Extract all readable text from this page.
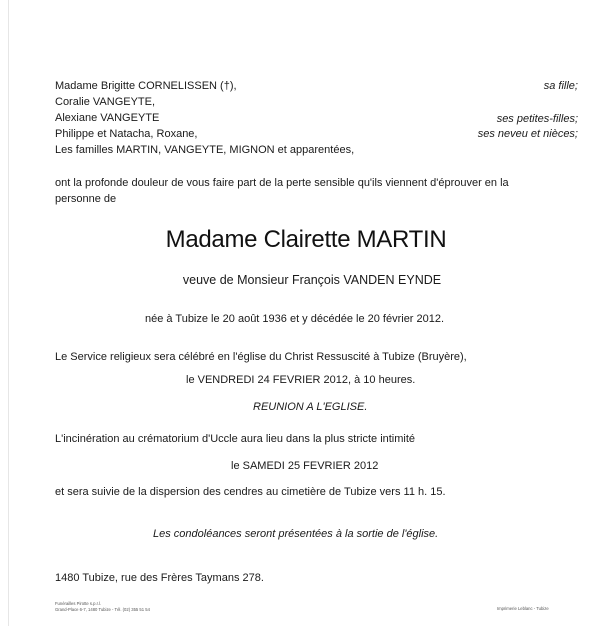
Madame Brigitte CORNELISSEN (†),	sa fille;
Coralie VANGEYTE,
Alexiane VANGEYTE	ses petites-filles;
Philippe et Natacha, Roxane,	ses neveu et nièces;
Les familles MARTIN, VANGEYTE, MIGNON et apparentées,
ont la profonde douleur de vous faire part de la perte sensible qu'ils viennent d'éprouver en la
personne de
Madame Clairette MARTIN
veuve de Monsieur François VANDEN EYNDE
née à Tubize le 20 août 1936 et y décédée le 20 février 2012.
Le Service religieux sera célébré en l'église du Christ Ressuscité à Tubize (Bruyère),
le VENDREDI 24 FEVRIER 2012, à 10 heures.
REUNION A L'EGLISE.
L'incinération au crématorium d'Uccle aura lieu dans la plus stricte intimité
le SAMEDI 25 FEVRIER 2012
et sera suivie de la dispersion des cendres au cimetière de Tubize vers 11 h. 15.
Les condoléances seront présentées à la sortie de l'église.
1480 Tubize, rue des Frères Taymans 278.
Funérailles Pirotte s.p.r.l.
Grand-Place 6-7, 1480 Tubize - Tél. (02) 355 51 54	Imprimerie Leblanc - Tubize
